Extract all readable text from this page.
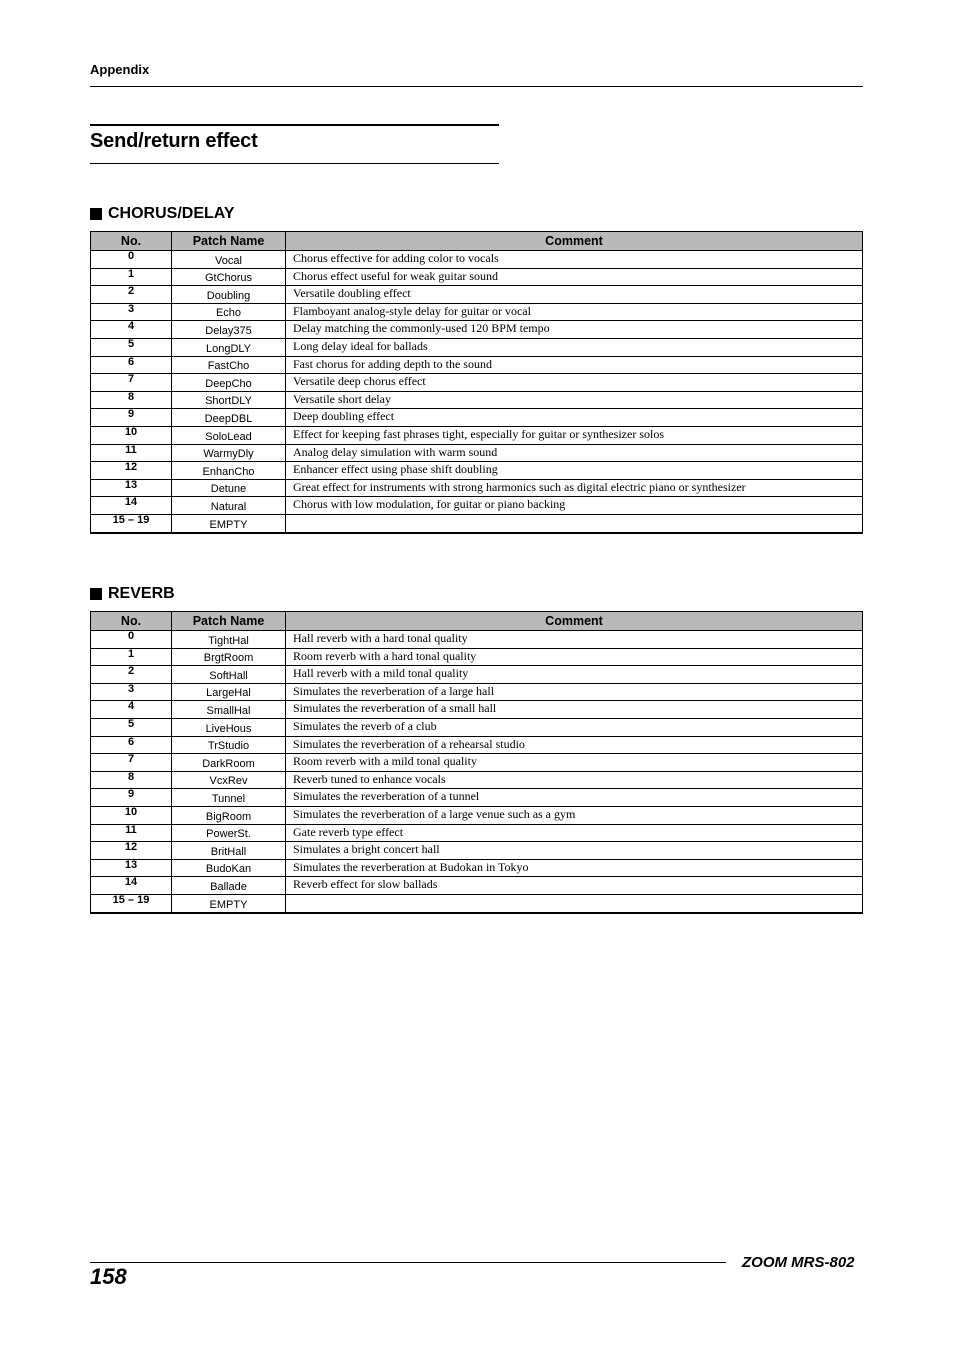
Appendix
Send/return effect
CHORUS/DELAY
No.	Patch Name	Comment
0	Vocal	Chorus effective for adding color to vocals
1	GtChorus	Chorus effect useful for weak guitar sound
2	Doubling	Versatile doubling effect
3	Echo	Flamboyant analog-style delay for guitar or vocal
4	Delay375	Delay matching the commonly-used 120 BPM tempo
5	LongDLY	Long delay ideal for ballads
6	FastCho	Fast chorus for adding depth to the sound
7	DeepCho	Versatile deep chorus effect
8	ShortDLY	Versatile short delay
9	DeepDBL	Deep doubling effect
10	SoloLead	Effect for keeping fast phrases tight, especially for guitar or synthesizer solos
11	WarmyDly	Analog delay simulation with warm sound
12	EnhanCho	Enhancer effect using phase shift doubling
13	Detune	Great effect for instruments with strong harmonics such as digital electric piano or synthesizer
14	Natural	Chorus with low modulation, for guitar or piano backing
15 – 19	EMPTY	
REVERB
No.	Patch Name	Comment
0	TightHal	Hall reverb with a hard tonal quality
1	BrgtRoom	Room reverb with a hard tonal quality
2	SoftHall	Hall reverb with a mild tonal quality
3	LargeHal	Simulates the reverberation of a large hall
4	SmallHal	Simulates the reverberation of a small hall
5	LiveHous	Simulates the reverb of a club
6	TrStudio	Simulates the reverberation of a rehearsal studio
7	DarkRoom	Room reverb with a mild tonal quality
8	VcxRev	Reverb tuned to enhance vocals
9	Tunnel	Simulates the reverberation of a tunnel
10	BigRoom	Simulates the reverberation of a large venue such as a gym
11	PowerSt.	Gate reverb type effect
12	BritHall	Simulates a bright concert hall
13	BudoKan	Simulates the reverberation at Budokan in Tokyo
14	Ballade	Reverb effect for slow ballads
15 – 19	EMPTY	
ZOOM MRS-802
158
